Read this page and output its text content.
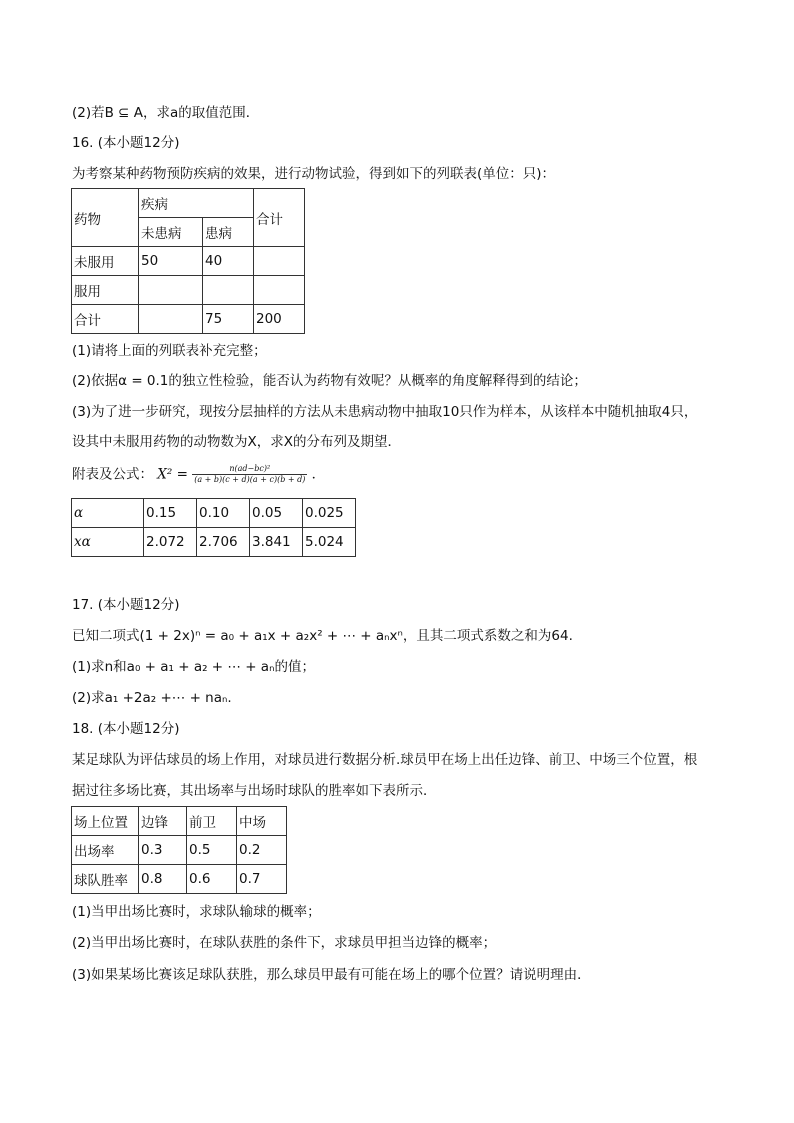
(2)若B ⊆ A，求a的取值范围．
16. (本小题12分)
为考察某种药物预防疾病的效果，进行动物试验，得到如下的列联表(单位：只)：
药物	疾病		合计
	未患病	患病	
未服用	50	40	
服用			
合计		75	200
(1)请将上面的列联表补充完整；
(2)依据α = 0.1的独立性检验，能否认为药物有效呢？从概率的角度解释得到的结论；
(3)为了进一步研究，现按分层抽样的方法从未患病动物中抽取10只作为样本，从该样本中随机抽取4只，
设其中未服用药物的动物数为X，求X的分布列及期望．
附表及公式： $X^2 = \frac{\text{n(ad−bc)²}}{(a + b)(c + d)(a + c)(b + d)}$ ．
α	0.15	0.10	0.05	0.025
xα	2.072	2.706	3.841	5.024
17. (本小题12分)
已知二项式(1 + 2x)ⁿ = a₀ + a₁x + a₂x² + ⋯ + aₙxⁿ，且其二项式系数之和为64.
(1)求n和a₀ + a₁ + a₂ + ⋯ + aₙ的值；
(2)求a₁ +2a₂ +⋯ + naₙ.
18. (本小题12分)
某足球队为评估球员的场上作用，对球员进行数据分析.球员甲在场上出任边锋、前卫、中场三个位置，根
据过往多场比赛，其出场率与出场时球队的胜率如下表所示．
场上位置	边锋	前卫	中场
出场率	0.3	0.5	0.2
球队胜率	0.8	0.6	0.7
(1)当甲出场比赛时，求球队输球的概率；
(2)当甲出场比赛时，在球队获胜的条件下，求球员甲担当边锋的概率；
(3)如果某场比赛该足球队获胜，那么球员甲最有可能在场上的哪个位置？请说明理由．
